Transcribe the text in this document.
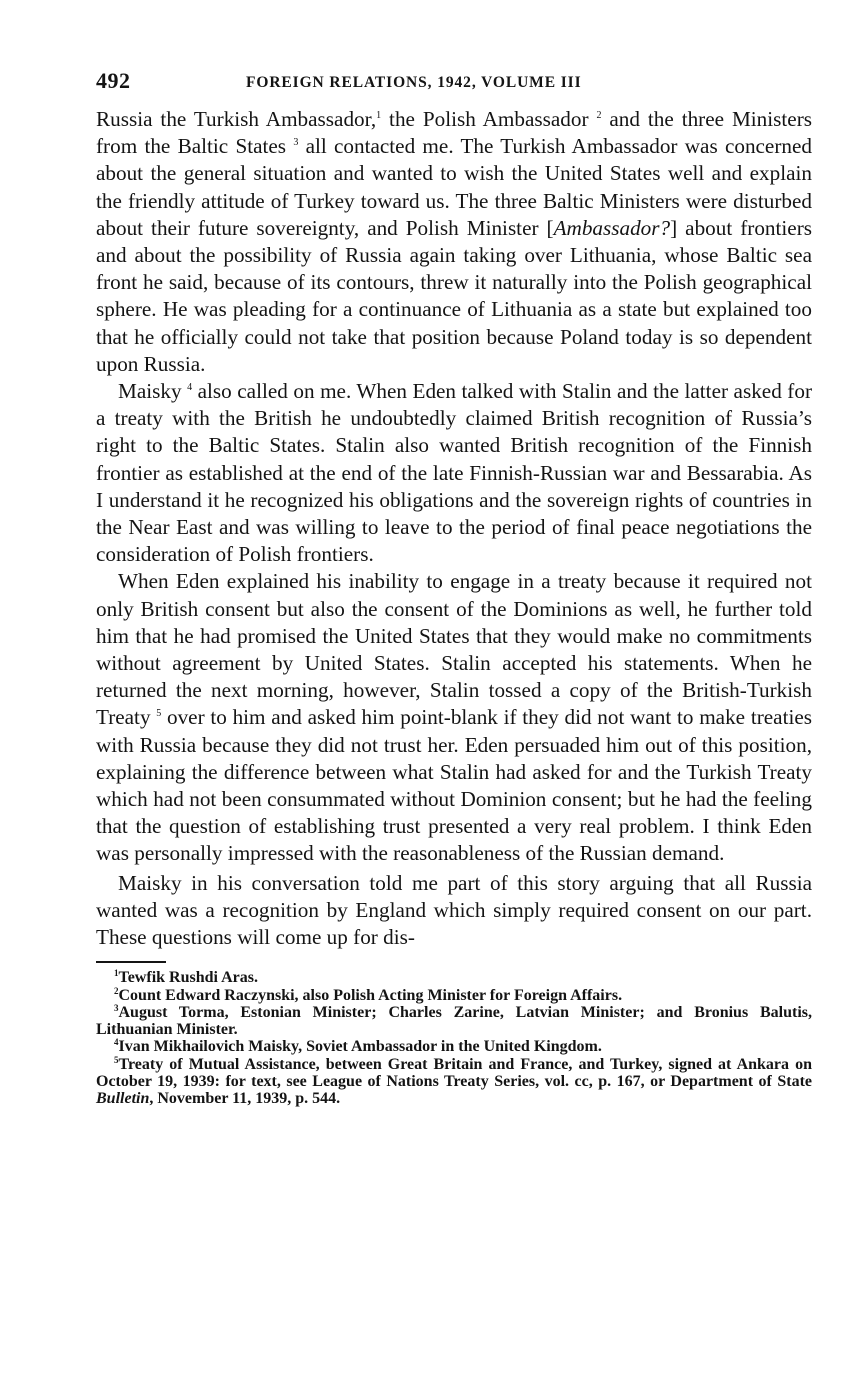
492	FOREIGN RELATIONS, 1942, VOLUME III

Russia the Turkish Ambassador,$^1$ the Polish Ambassador $^2$ and the three Ministers from the Baltic States $^3$ all contacted me. The Turkish Ambassador was concerned about the general situation and wanted to wish the United States well and explain the friendly attitude of Turkey toward us. The three Baltic Ministers were disturbed about their future sovereignty, and Polish Minister [Ambassador?] about frontiers and about the possibility of Russia again taking over Lithuania, whose Baltic sea front he said, because of its contours, threw it naturally into the Polish geographical sphere. He was pleading for a continuance of Lithuania as a state but explained too that he officially could not take that position because Poland today is so dependent upon Russia.

Maisky $^4$ also called on me. When Eden talked with Stalin and the latter asked for a treaty with the British he undoubtedly claimed British recognition of Russia’s right to the Baltic States. Stalin also wanted British recognition of the Finnish frontier as established at the end of the late Finnish-Russian war and Bessarabia. As I understand it he recognized his obligations and the sovereign rights of countries in the Near East and was willing to leave to the period of final peace negotiations the consideration of Polish frontiers.

When Eden explained his inability to engage in a treaty because it required not only British consent but also the consent of the Dominions as well, he further told him that he had promised the United States that they would make no commitments without agreement by United States. Stalin accepted his statements. When he returned the next morning, however, Stalin tossed a copy of the British-Turkish Treaty $^5$ over to him and asked him point-blank if they did not want to make treaties with Russia because they did not trust her. Eden persuaded him out of this position, explaining the difference between what Stalin had asked for and the Turkish Treaty which had not been consummated without Dominion consent; but he had the feeling that the question of establishing trust presented a very real problem. I think Eden was personally impressed with the reasonableness of the Russian demand.

Maisky in his conversation told me part of this story arguing that all Russia wanted was a recognition by England which simply required consent on our part. These questions will come up for dis-

$^1$Tewfik Rushdi Aras.

$^2$Count Edward Raczynski, also Polish Acting Minister for Foreign Affairs.

$^3$August Torma, Estonian Minister; Charles Zarine, Latvian Minister; and Bronius Balutis, Lithuanian Minister.

$^4$Ivan Mikhailovich Maisky, Soviet Ambassador in the United Kingdom.

$^5$Treaty of Mutual Assistance, between Great Britain and France, and Turkey, signed at Ankara on October 19, 1939: for text, see League of Nations Treaty Series, vol. cc, p. 167, or Department of State Bulletin, November 11, 1939, p. 544.
